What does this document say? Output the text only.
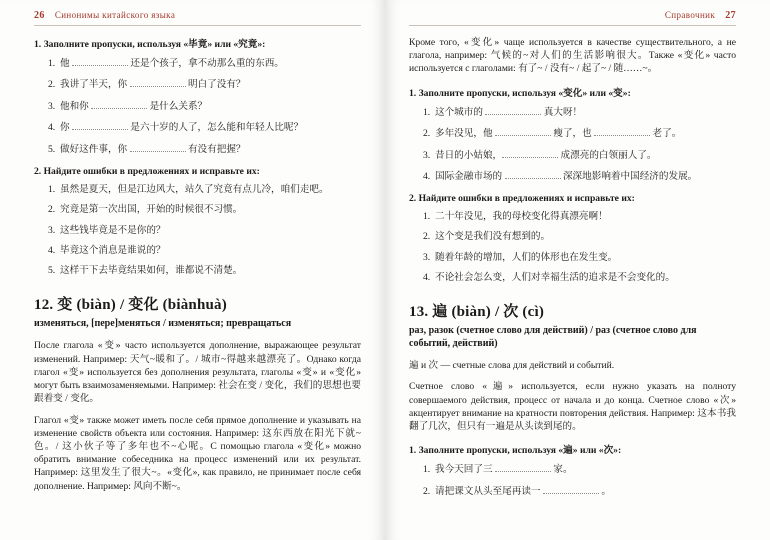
26 Синонимы китайского языка
1. Заполните пропуски, используя «毕竟» или «究竟»:
他	还是个孩子，拿不动那么重的东西。
我讲了半天，你	明白了没有？
他和你	是什么关系？
你	是六十岁的人了，怎么能和年轻人比呢？
做好这件事，你	有没有把握？
2. Найдите ошибки в предложениях и исправьте их:
虽然是夏天，但是江边风大，站久了究竟有点儿冷，咱们走吧。
究竟是第一次出国，开始的时候很不习惯。
这些钱毕竟是不是你的？
毕竟这个消息是谁说的？
这样干下去毕竟结果如何，谁都说不清楚。
12. 变 (biàn) / 变化 (biànhuà)
изменяться, [пере]меняться / изменяться; превращаться

После глагола «变» часто используется дополнение, выражающее результат изменений. Например: 天气~暖和了。/ 城市~得越来越漂亮了。Однако когда глагол «变» используется без дополнения результата, глаголы «变» и «变化» могут быть взаимозаменяемыми. Например: 社会在变 / 变化，我们的思想也要跟着变 / 变化。

Глагол «变» также может иметь после себя прямое дополнение и указывать на изменение свойств объекта или состояния. Например: 这东西放在阳光下就~色。/ 这小伙子等了多年也不~心呢。С помощью глагола «变化» можно обратить внимание собеседника на процесс изменений или их результат. Например: 这里发生了很大~。«变化», как правило, не принимает после себя дополнение. Например: 风向不断~。

Справочник 27

Кроме того, «变化» чаще используется в качестве существительного, а не глагола, например: 气候的~对人们的生活影响很大。Также «变化» часто используется с глаголами: 有了~ / 没有~ / 起了~ / 随……~。

1. Заполните пропуски, используя «变化» или «变»:
这个城市的	真大呀！
多年没见，他	瘦了，也	老了。
昔日的小姑娘，	成漂亮的白领丽人了。
国际金融市场的	深深地影响着中国经济的发展。
2. Найдите ошибки в предложениях и исправьте их:
二十年没见，我的母校变化得真漂亮啊！
这个变是我们没有想到的。
随着年龄的增加，人们的体形也在发生变。
不论社会怎么变，人们对幸福生活的追求是不会变化的。
13. 遍 (biàn) / 次 (cì)
раз, разок (счетное слово для действий) / раз (счетное слово для событий, действий)

遍 и 次 — счетные слова для действий и событий.

Счетное слово «遍» используется, если нужно указать на полноту совершаемого действия, процесс от начала и до конца. Счетное слово «次» акцентирует внимание на кратности повторения действия. Например: 这本书我翻了几次，但只有一遍是从头读到尾的。

1. Заполните пропуски, используя «遍» или «次»:
我今天回了三	家。
请把课文从头至尾再读一	。
